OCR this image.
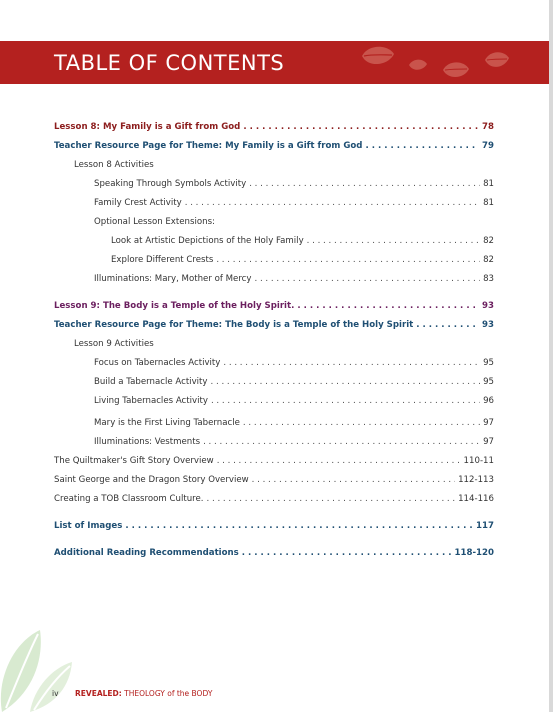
TABLE OF CONTENTS
Lesson 8: My Family is a Gift from God . . .	78
Teacher Resource Page for Theme: My Family is a Gift from God . . .	79
Lesson 8 Activities
Speaking Through Symbols Activity . . .	81
Family Crest Activity . . .	81
Optional Lesson Extensions:
Look at Artistic Depictions of the Holy Family . . .	82
Explore Different Crests . . .	82
Illuminations: Mary, Mother of Mercy . . .	83
Lesson 9: The Body is a Temple of the Holy Spirit. . . .	93
Teacher Resource Page for Theme: The Body is a Temple of the Holy Spirit . . .	93
Lesson 9 Activities
Focus on Tabernacles Activity . . .	95
Build a Tabernacle Activity . . .	95
Living Tabernacles Activity . . .	96
Mary is the First Living Tabernacle . . .	97
Illuminations: Vestments . . .	97
The Quiltmaker's Gift Story Overview . . .	110-11
Saint George and the Dragon Story Overview . . .	112-113
Creating a TOB Classroom Culture. . . .	114-116
List of Images . . .	117
Additional Reading Recommendations . . .	118-120
iv REVEALED: THEOLOGY of the BODY
